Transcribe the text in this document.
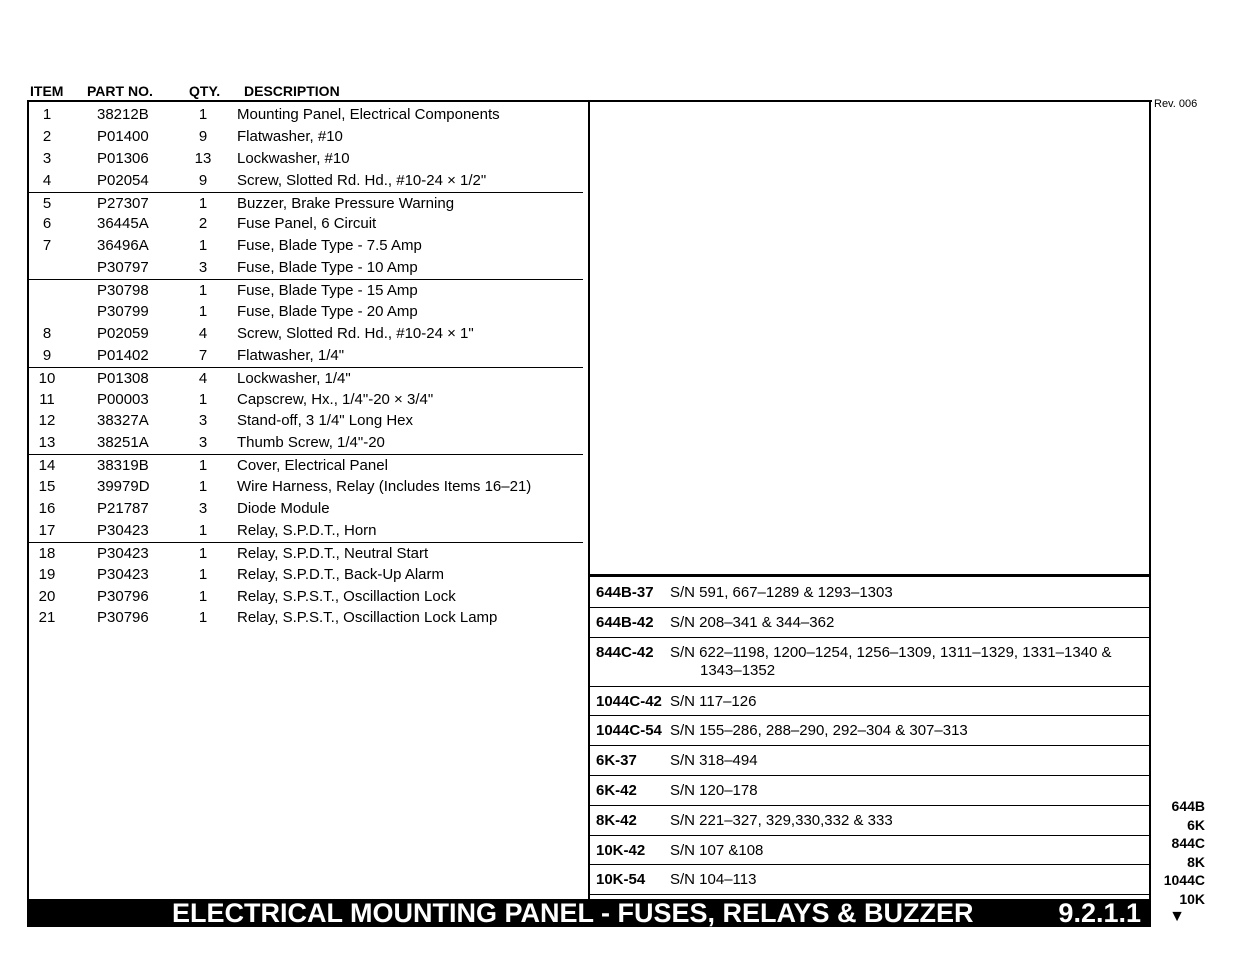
ITEM PART NO.	QTY. DESCRIPTION
Rev. 006
1	38212B	1	Mounting Panel, Electrical Components
2	P01400	9	Flatwasher, #10
3	P01306	13 Lockwasher, #10
4	P02054	9	Screw, Slotted Rd. Hd., #10-24 × 1/2"
5	P27307	1	Buzzer, Brake Pressure Warning
6	36445A	2	Fuse Panel, 6 Circuit
7	36496A	1	Fuse, Blade Type - 7.5 Amp
P30797	3	Fuse, Blade Type - 10 Amp
P30798	1	Fuse, Blade Type - 15 Amp
P30799	1	Fuse, Blade Type - 20 Amp
8	P02059	4	Screw, Slotted Rd. Hd., #10-24 × 1"
9	P01402	7	Flatwasher, 1/4"
10	P01308	4	Lockwasher, 1/4"
11	P00003	1	Capscrew, Hx., 1/4"-20 × 3/4"
12	38327A	3	Stand-off, 3 1/4" Long Hex
13	38251A	3	Thumb Screw, 1/4"-20
14	38319B	1	Cover, Electrical Panel
15	39979D	1	Wire Harness, Relay (Includes Items 16–21)
16	P21787	3	Diode Module
17	P30423	1	Relay, S.P.D.T., Horn
18	P30423	1	Relay, S.P.D.T., Neutral Start
19	P30423	1	Relay, S.P.D.T., Back-Up Alarm
20	P30796	1	Relay, S.P.S.T., Oscillaction Lock
21	P30796	1	Relay, S.P.S.T., Oscillaction Lock Lamp
644B-37	S/N 591, 667–1289 & 1293–1303
644B-42	S/N 208–341 & 344–362
844C-42	S/N 622–1198, 1200–1254, 1256–1309, 1311–1329, 1331–1340 &
1343–1352
1044C-42 S/N 117–126
1044C-54 S/N 155–286, 288–290, 292–304 & 307–313
6K-37	S/N 318–494
6K-42	S/N 120–178
8K-42	S/N 221–327, 329,330,332 & 333
10K-42	S/N 107 &108
10K-54	S/N 104–113
644B
6K
844C
8K
1044C
10K
▼
ELECTRICAL MOUNTING PANEL - FUSES, RELAYS & BUZZER	9.2.1.1
